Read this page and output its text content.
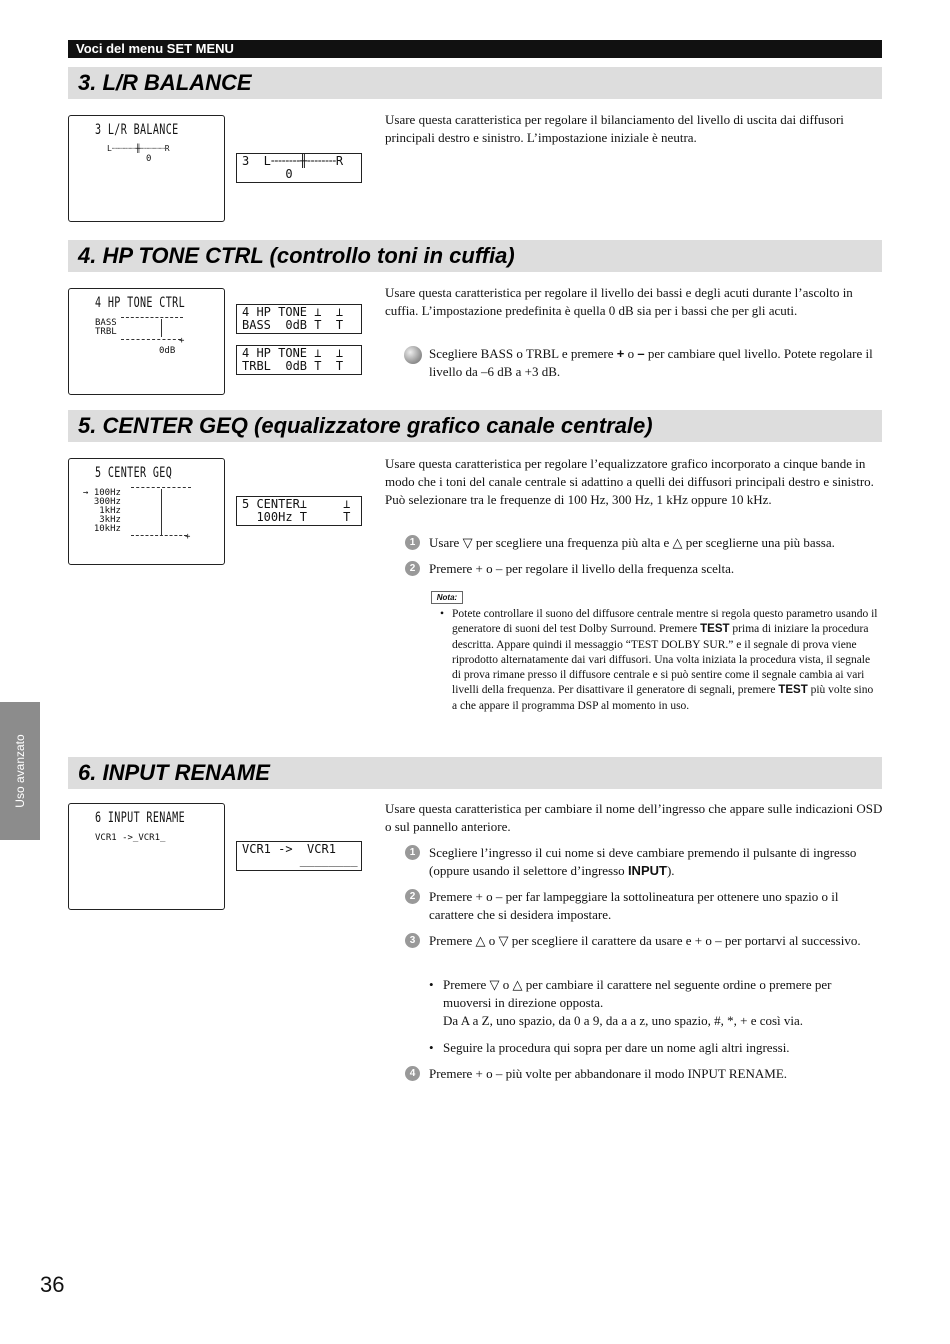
Voci del menu SET MENU
3. L/R BALANCE
3 L/R BALANCE
L┈┈┈┈┈╫┈┈┈┈┈R
0	3  L╌╌╌╌╫╌╌╌╌R
0
Usare questa caratteristica per regolare il bilanciamento del livello di uscita dai diffusori principali destro e sinistro. L’impostazione iniziale è neutra.
4. HP TONE CTRL (controllo toni in cuffia)
4 HP TONE CTRL
BASS
TRBL
+
0dB
4 HP TONE ⊥  ⊥
BASS  0dB T  T
4 HP TONE ⊥  ⊥
TRBL  0dB T  T
Usare questa caratteristica per regolare il livello dei bassi e degli acuti durante l’ascolto in cuffia. L’impostazione predefinita è quella 0 dB sia per i bassi che per gli acuti.
Scegliere BASS o TRBL e premere + o – per cambiare quel livello. Potete regolare il livello da –6 dB a +3 dB.
5. CENTER GEQ (equalizzatore grafico canale centrale)
5 CENTER GEQ
→ 100Hz
300Hz
1kHz
3kHz
10kHz
+
5 CENTER⊥     ⊥
100Hz T     T
Usare questa caratteristica per regolare l’equalizzatore grafico incorporato a cinque bande in modo che i toni del canale centrale si adattino a quelli dei diffusori principali destro e sinistro. Può selezionare tra le frequenze di 100 Hz, 300 Hz, 1 kHz oppure 10 kHz.
1	Usare ▽ per scegliere una frequenza più alta e △ per sceglierne una più bassa.
2	Premere + o – per regolare il livello della frequenza scelta.
Nota:
• Potete controllare il suono del diffusore centrale mentre si regola questo parametro usando il generatore di suoni del test Dolby Surround. Premere TEST prima di iniziare la procedura descritta. Appare quindi il messaggio “TEST DOLBY SUR.” e il segnale di prova viene riprodotto alternatamente dai vari diffusori. Una volta iniziata la procedura vista, il segnale di prova rimane presso il diffusore centrale e si può sentire come il segnale cambia ai vari livelli della frequenza. Per disattivare il generatore di segnali, premere TEST più volte sino a che appare il programma DSP al momento in uso.
6. INPUT RENAME
6 INPUT RENAME
VCR1 ->_VCR1_
VCR1 ->  VCR1
________
Usare questa caratteristica per cambiare il nome dell’ingresso che appare sulle indicazioni OSD o sul pannello anteriore.
1	Scegliere l’ingresso il cui nome si deve cambiare premendo il pulsante di ingresso (oppure usando il selettore d’ingresso INPUT).
2	Premere + o – per far lampeggiare la sottolineatura per ottenere uno spazio o il carattere che si desidera impostare.
3	Premere △ o ▽ per scegliere il carattere da usare e + o – per portarvi al successivo.
• Premere ▽ o △ per cambiare il carattere nel seguente ordine o premere per muoversi in direzione opposta.
Da A a Z, uno spazio, da 0 a 9, da a a z, uno spazio, #, *, + e così via.
• Seguire la procedura qui sopra per dare un nome agli altri ingressi.
4	Premere + o – più volte per abbandonare il modo INPUT RENAME.
Uso avanzato
36
